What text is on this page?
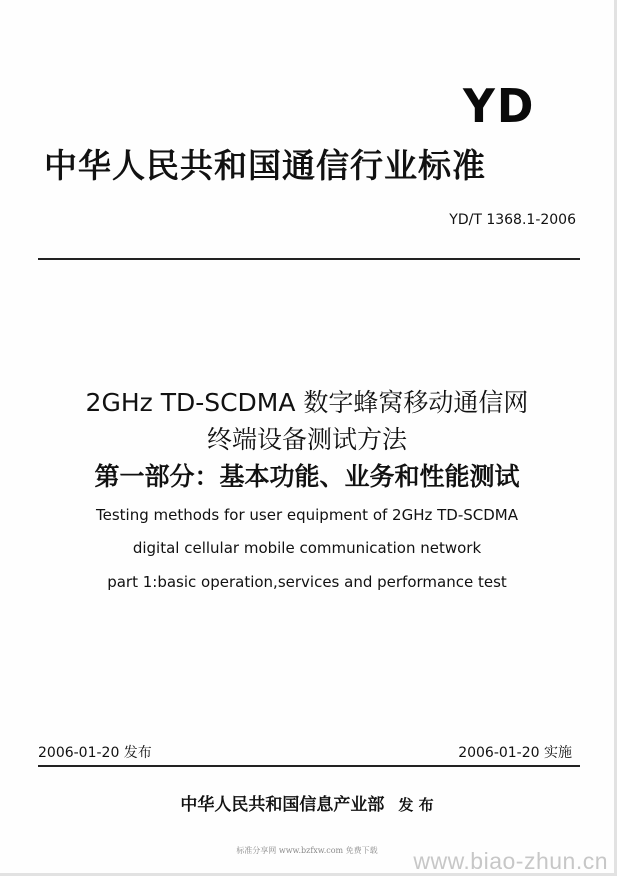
YD
中华人民共和国通信行业标准
YD/T 1368.1-2006
2GHz TD-SCDMA 数字蜂窝移动通信网
终端设备测试方法
第一部分：基本功能、业务和性能测试
Testing methods for user equipment of 2GHz TD-SCDMA
digital cellular mobile communication network
part 1:basic operation,services and performance test
2006-01-20 发布	2006-01-20 实施
中华人民共和国信息产业部 发 布
标准分享网 www.bzfxw.com 免费下载	www.biao-zhun.cn
